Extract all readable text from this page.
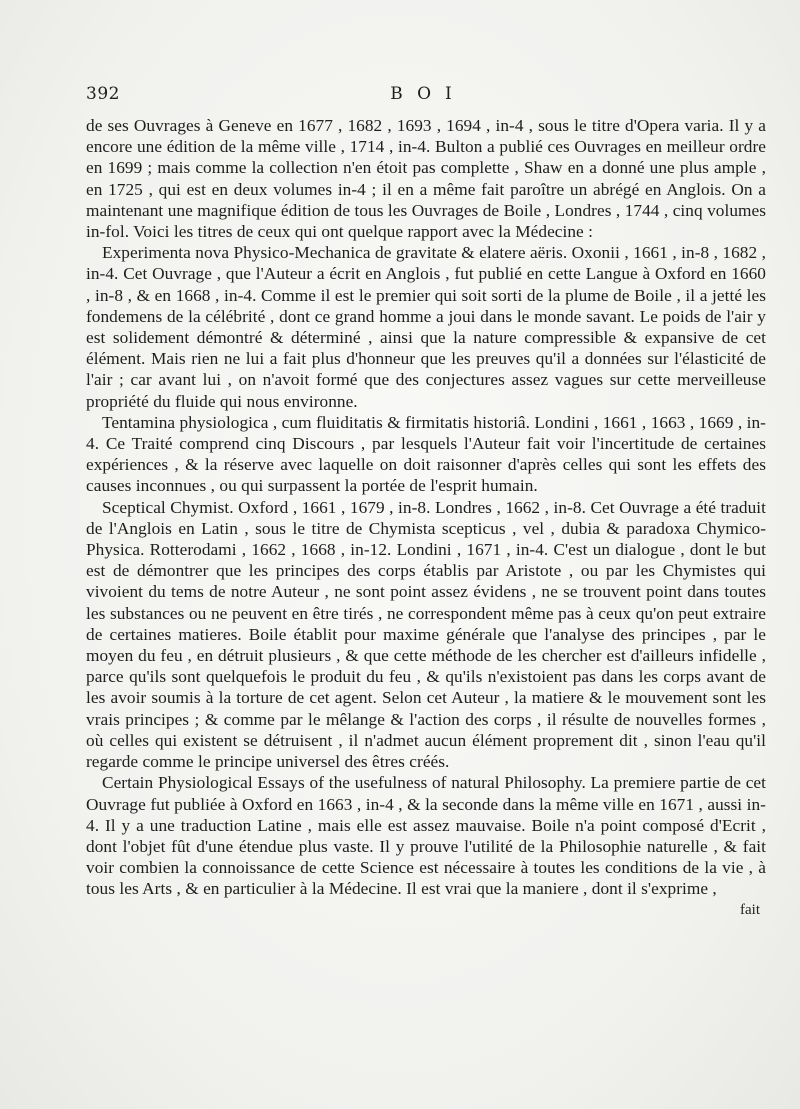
392	BOI

de ses Ouvrages à Geneve en 1677 , 1682 , 1693 , 1694 , in-4 , sous le titre d'Opera varia. Il y a encore une édition de la même ville , 1714 , in-4. Bulton a publié ces Ouvrages en meilleur ordre en 1699 ; mais comme la collection n'en étoit pas complette , Shaw en a donné une plus ample , en 1725 , qui est en deux volumes in-4 ; il en a même fait paroître un abrégé en Anglois. On a maintenant une magnifique édition de tous les Ouvrages de Boile , Londres , 1744 , cinq volumes in-fol. Voici les titres de ceux qui ont quelque rapport avec la Médecine :

Experimenta nova Physico-Mechanica de gravitate & elatere aëris. Oxonii , 1661 , in-8 , 1682 , in-4. Cet Ouvrage , que l'Auteur a écrit en Anglois , fut publié en cette Langue à Oxford en 1660 , in-8 , & en 1668 , in-4. Comme il est le premier qui soit sorti de la plume de Boile , il a jetté les fondemens de la célébrité , dont ce grand homme a joui dans le monde savant. Le poids de l'air y est solidement démontré & déterminé , ainsi que la nature compressible & expansive de cet élément. Mais rien ne lui a fait plus d'honneur que les preuves qu'il a données sur l'élasticité de l'air ; car avant lui , on n'avoit formé que des conjectures assez vagues sur cette merveilleuse propriété du fluide qui nous environne.

Tentamina physiologica , cum fluiditatis & firmitatis historiâ. Londini , 1661 , 1663 , 1669 , in-4. Ce Traité comprend cinq Discours , par lesquels l'Auteur fait voir l'incertitude de certaines expériences , & la réserve avec laquelle on doit raisonner d'après celles qui sont les effets des causes inconnues , ou qui surpassent la portée de l'esprit humain.

Sceptical Chymist. Oxford , 1661 , 1679 , in-8. Londres , 1662 , in-8. Cet Ouvrage a été traduit de l'Anglois en Latin , sous le titre de Chymista scepticus , vel , dubia & paradoxa Chymico-Physica. Rotterodami , 1662 , 1668 , in-12. Londini , 1671 , in-4. C'est un dialogue , dont le but est de démontrer que les principes des corps établis par Aristote , ou par les Chymistes qui vivoient du tems de notre Auteur , ne sont point assez évidens , ne se trouvent point dans toutes les substances ou ne peuvent en être tirés , ne correspondent même pas à ceux qu'on peut extraire de certaines matieres. Boile établit pour maxime générale que l'analyse des principes , par le moyen du feu , en détruit plusieurs , & que cette méthode de les chercher est d'ailleurs infidelle , parce qu'ils sont quelquefois le produit du feu , & qu'ils n'existoient pas dans les corps avant de les avoir soumis à la torture de cet agent. Selon cet Auteur , la matiere & le mouvement sont les vrais principes ; & comme par le mêlange & l'action des corps , il résulte de nouvelles formes , où celles qui existent se détruisent , il n'admet aucun élément proprement dit , sinon l'eau qu'il regarde comme le principe universel des êtres créés.

Certain Physiological Essays of the usefulness of natural Philosophy. La premiere partie de cet Ouvrage fut publiée à Oxford en 1663 , in-4 , & la seconde dans la même ville en 1671 , aussi in-4. Il y a une traduction Latine , mais elle est assez mauvaise. Boile n'a point composé d'Ecrit , dont l'objet fût d'une étendue plus vaste. Il y prouve l'utilité de la Philosophie naturelle , & fait voir combien la connoissance de cette Science est nécessaire à toutes les conditions de la vie , à tous les Arts , & en particulier à la Médecine. Il est vrai que la maniere , dont il s'exprime ,

fait
